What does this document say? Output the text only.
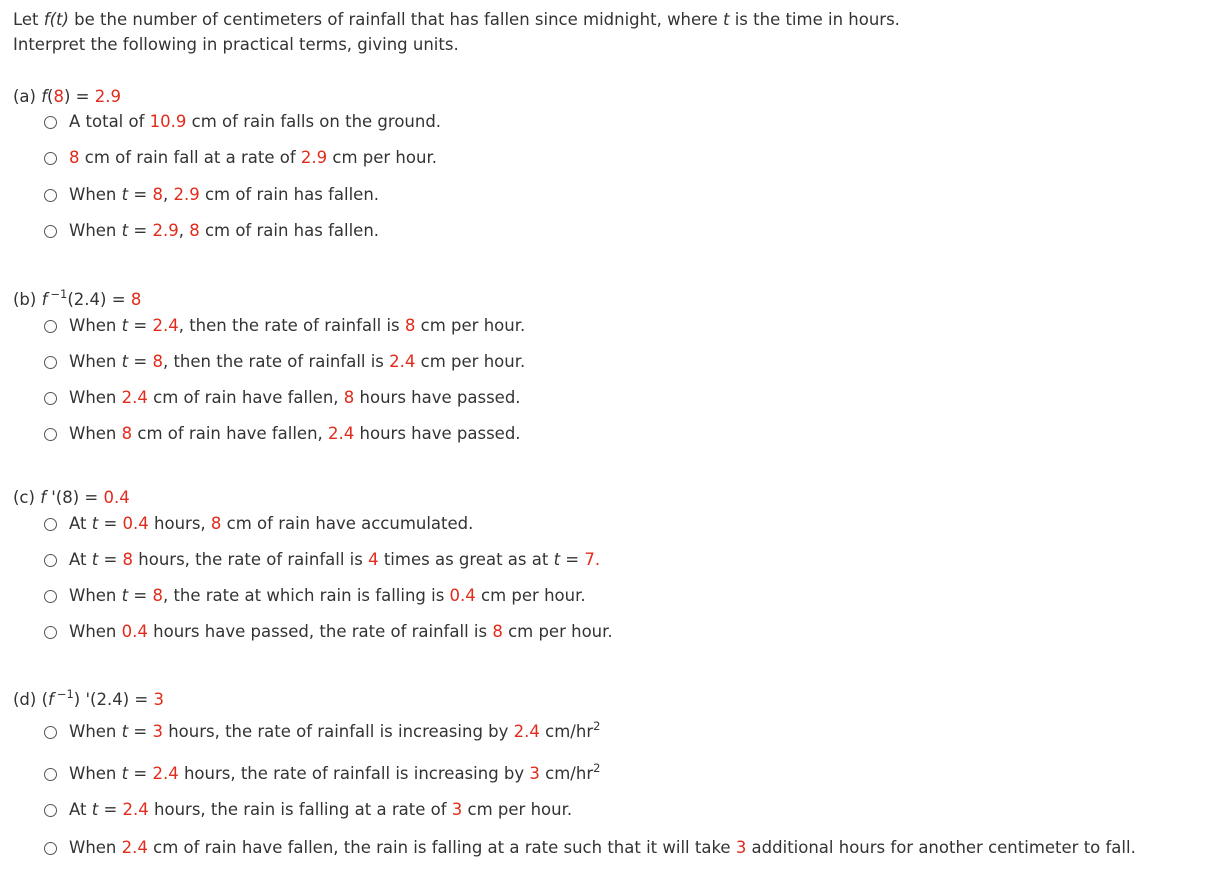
Let f(t) be the number of centimeters of rainfall that has fallen since midnight, where t is the time in hours.
Interpret the following in practical terms, giving units.
(a) f(8) = 2.9
A total of 10.9 cm of rain falls on the ground.
8 cm of rain fall at a rate of 2.9 cm per hour.
When t = 8, 2.9 cm of rain has fallen.
When t = 2.9, 8 cm of rain has fallen.
(b) f $^{-1}$(2.4) = 8
When t = 2.4, then the rate of rainfall is 8 cm per hour.
When t = 8, then the rate of rainfall is 2.4 cm per hour.
When 2.4 cm of rain have fallen, 8 hours have passed.
When 8 cm of rain have fallen, 2.4 hours have passed.
(c) f '(8) = 0.4
At t = 0.4 hours, 8 cm of rain have accumulated.
At t = 8 hours, the rate of rainfall is 4 times as great as at t = 7.
When t = 8, the rate at which rain is falling is 0.4 cm per hour.
When 0.4 hours have passed, the rate of rainfall is 8 cm per hour.
(d) (f $^{-1}$) '(2.4) = 3
When t = 3 hours, the rate of rainfall is increasing by 2.4 $cm/hr^2$
When t = 2.4 hours, the rate of rainfall is increasing by 3 $cm/hr^2$
At t = 2.4 hours, the rain is falling at a rate of 3 cm per hour.
When 2.4 cm of rain have fallen, the rain is falling at a rate such that it will take 3 additional hours for another centimeter to fall.
